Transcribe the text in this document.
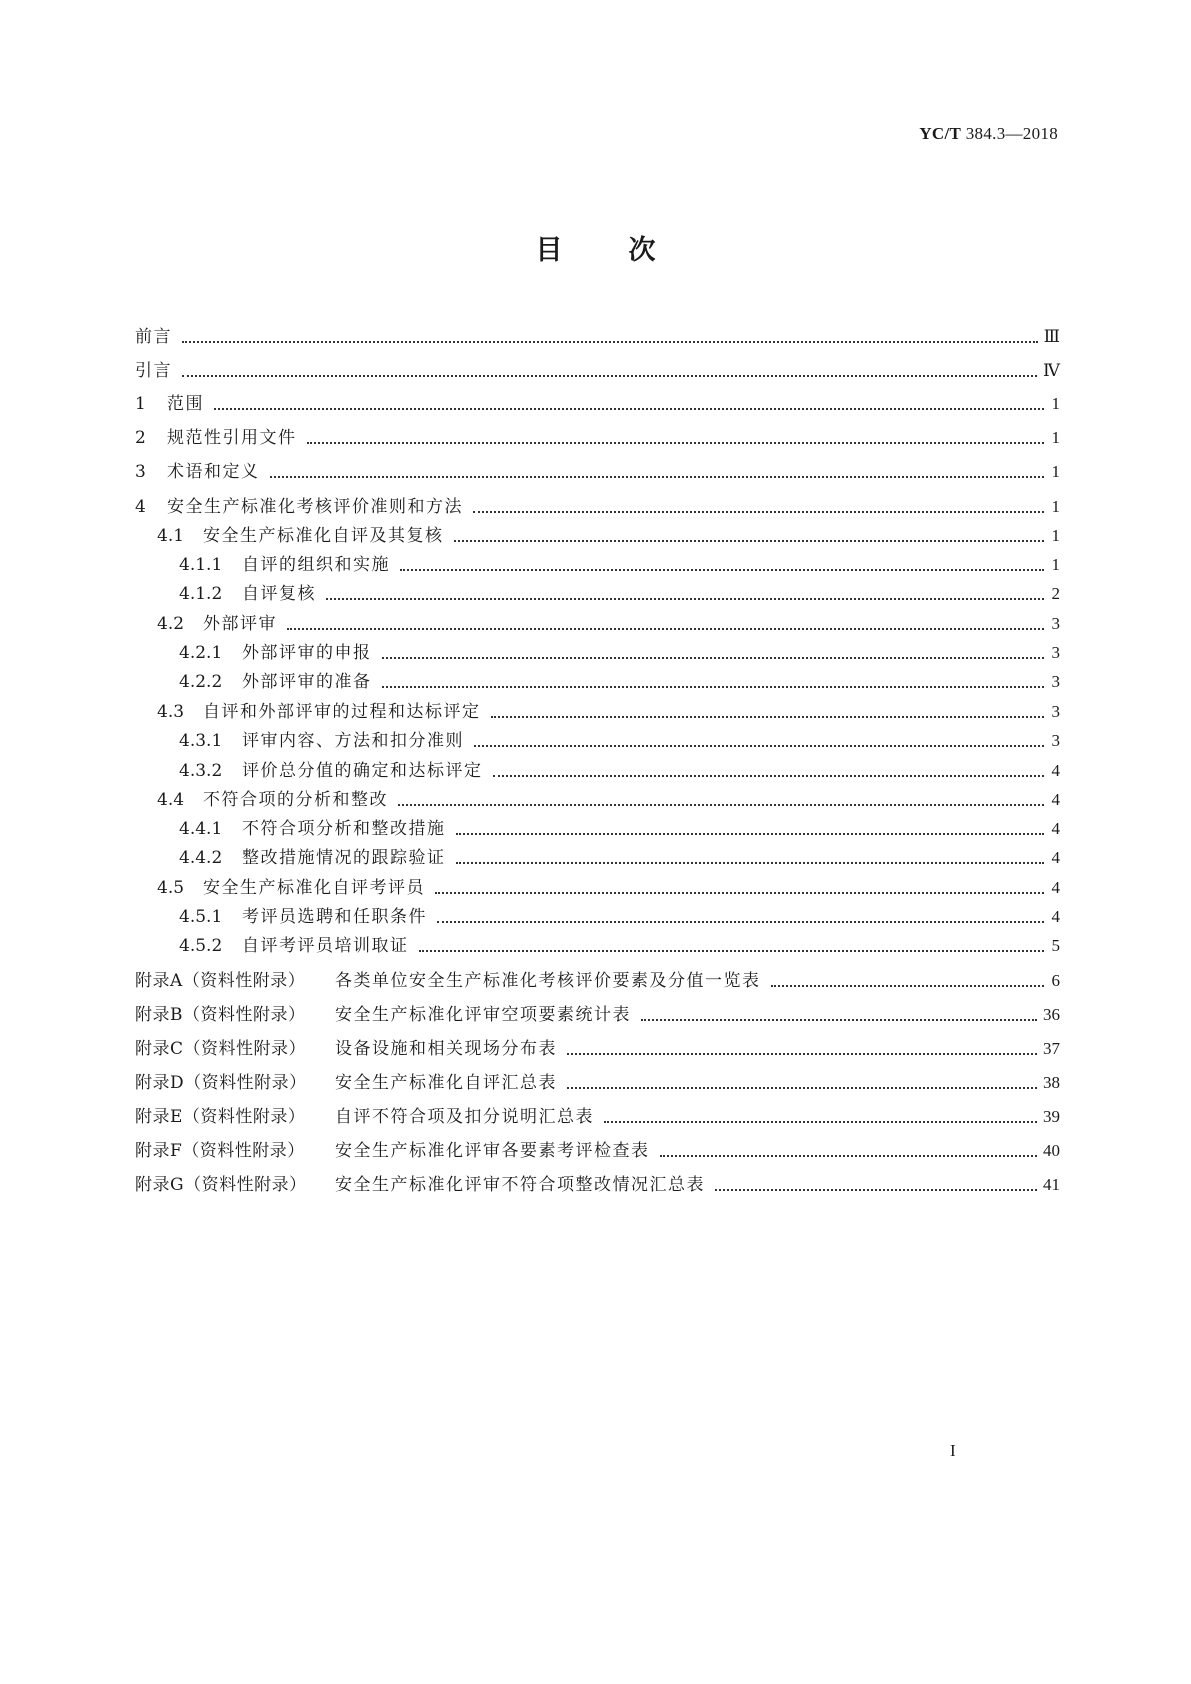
YC/T 384.3—2018
目 次
前言	Ⅲ
引言	Ⅳ
1	范围	1
2	规范性引用文件	1
3	术语和定义	1
4	安全生产标准化考核评价准则和方法	1
4.1	安全生产标准化自评及其复核	1
4.1.1	自评的组织和实施	1
4.1.2	自评复核	2
4.2	外部评审	3
4.2.1	外部评审的申报	3
4.2.2	外部评审的准备	3
4.3	自评和外部评审的过程和达标评定	3
4.3.1	评审内容、方法和扣分准则	3
4.3.2	评价总分值的确定和达标评定	4
4.4	不符合项的分析和整改	4
4.4.1	不符合项分析和整改措施	4
4.4.2	整改措施情况的跟踪验证	4
4.5	安全生产标准化自评考评员	4
4.5.1	考评员选聘和任职条件	4
4.5.2	自评考评员培训取证	5
附录A（资料性附录）	各类单位安全生产标准化考核评价要素及分值一览表	6
附录B（资料性附录）	安全生产标准化评审空项要素统计表	36
附录C（资料性附录）	设备设施和相关现场分布表	37
附录D（资料性附录）	安全生产标准化自评汇总表	38
附录E（资料性附录）	自评不符合项及扣分说明汇总表	39
附录F（资料性附录）	安全生产标准化评审各要素考评检查表	40
附录G（资料性附录）	安全生产标准化评审不符合项整改情况汇总表	41
I
